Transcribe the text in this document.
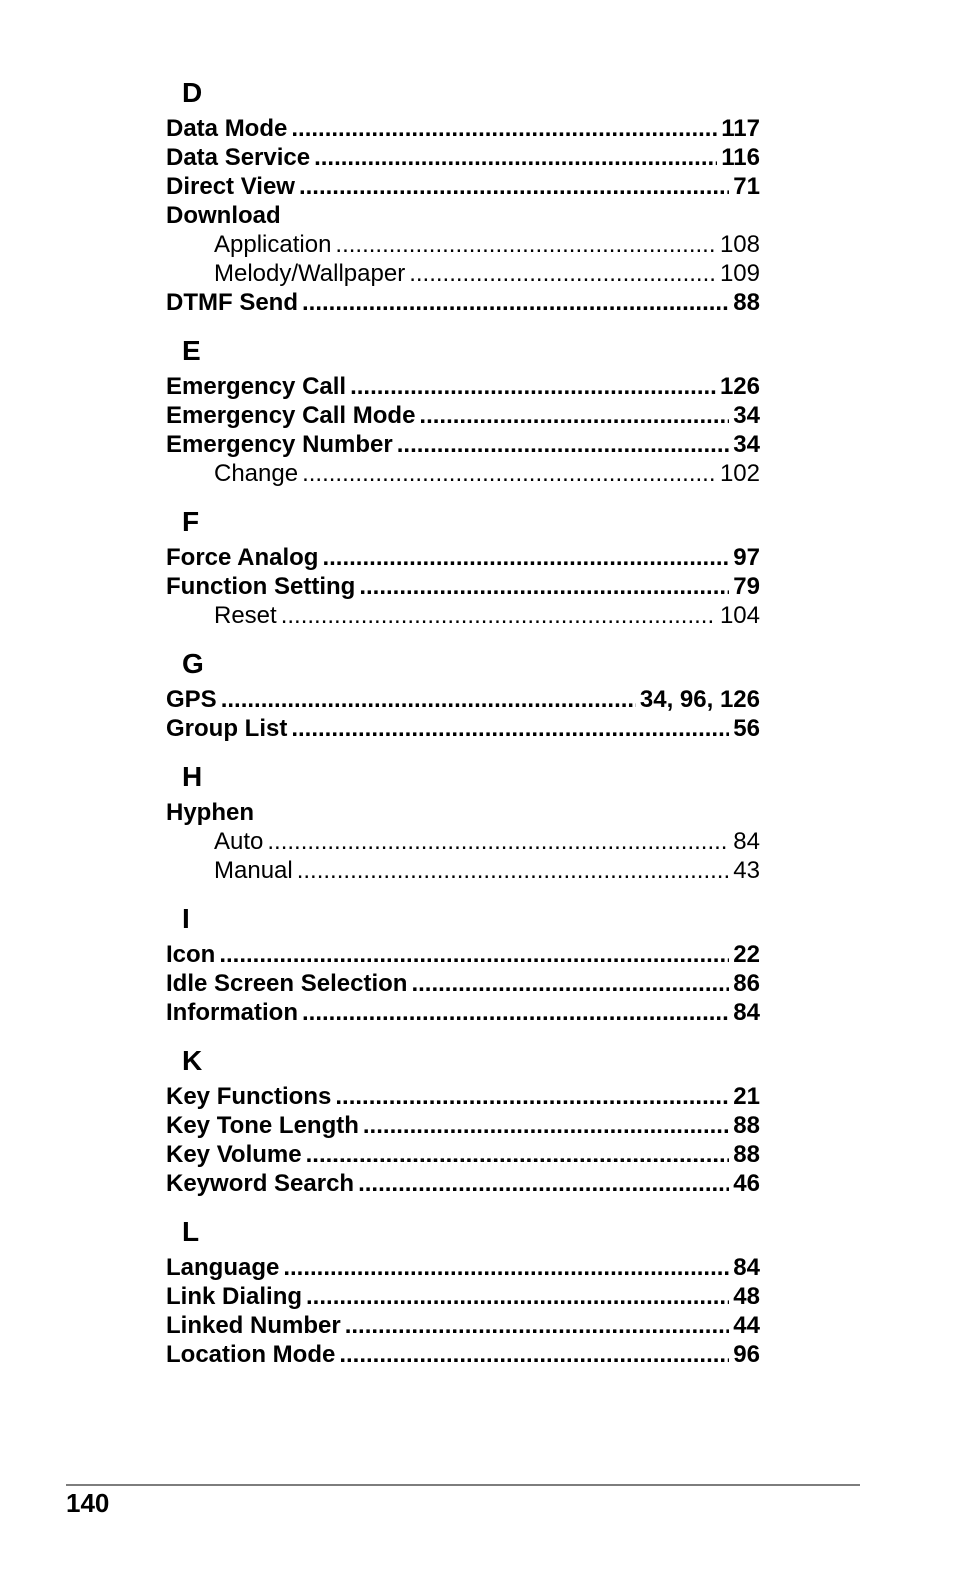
D
Data Mode .....	117
Data Service .....	116
Direct View .....	71
Download
Application .....	108
Melody/Wallpaper .....	109
DTMF Send .....	88
E
Emergency Call .....	126
Emergency Call Mode .....	34
Emergency Number .....	34
Change .....	102
F
Force Analog .....	97
Function Setting .....	79
Reset .....	104
G
GPS .....	34, 96, 126
Group List .....	56
H
Hyphen
Auto .....	84
Manual .....	43
I
Icon .....	22
Idle Screen Selection .....	86
Information .....	84
K
Key Functions .....	21
Key Tone Length .....	88
Key Volume .....	88
Keyword Search .....	46
L
Language .....	84
Link Dialing .....	48
Linked Number .....	44
Location Mode .....	96
140
